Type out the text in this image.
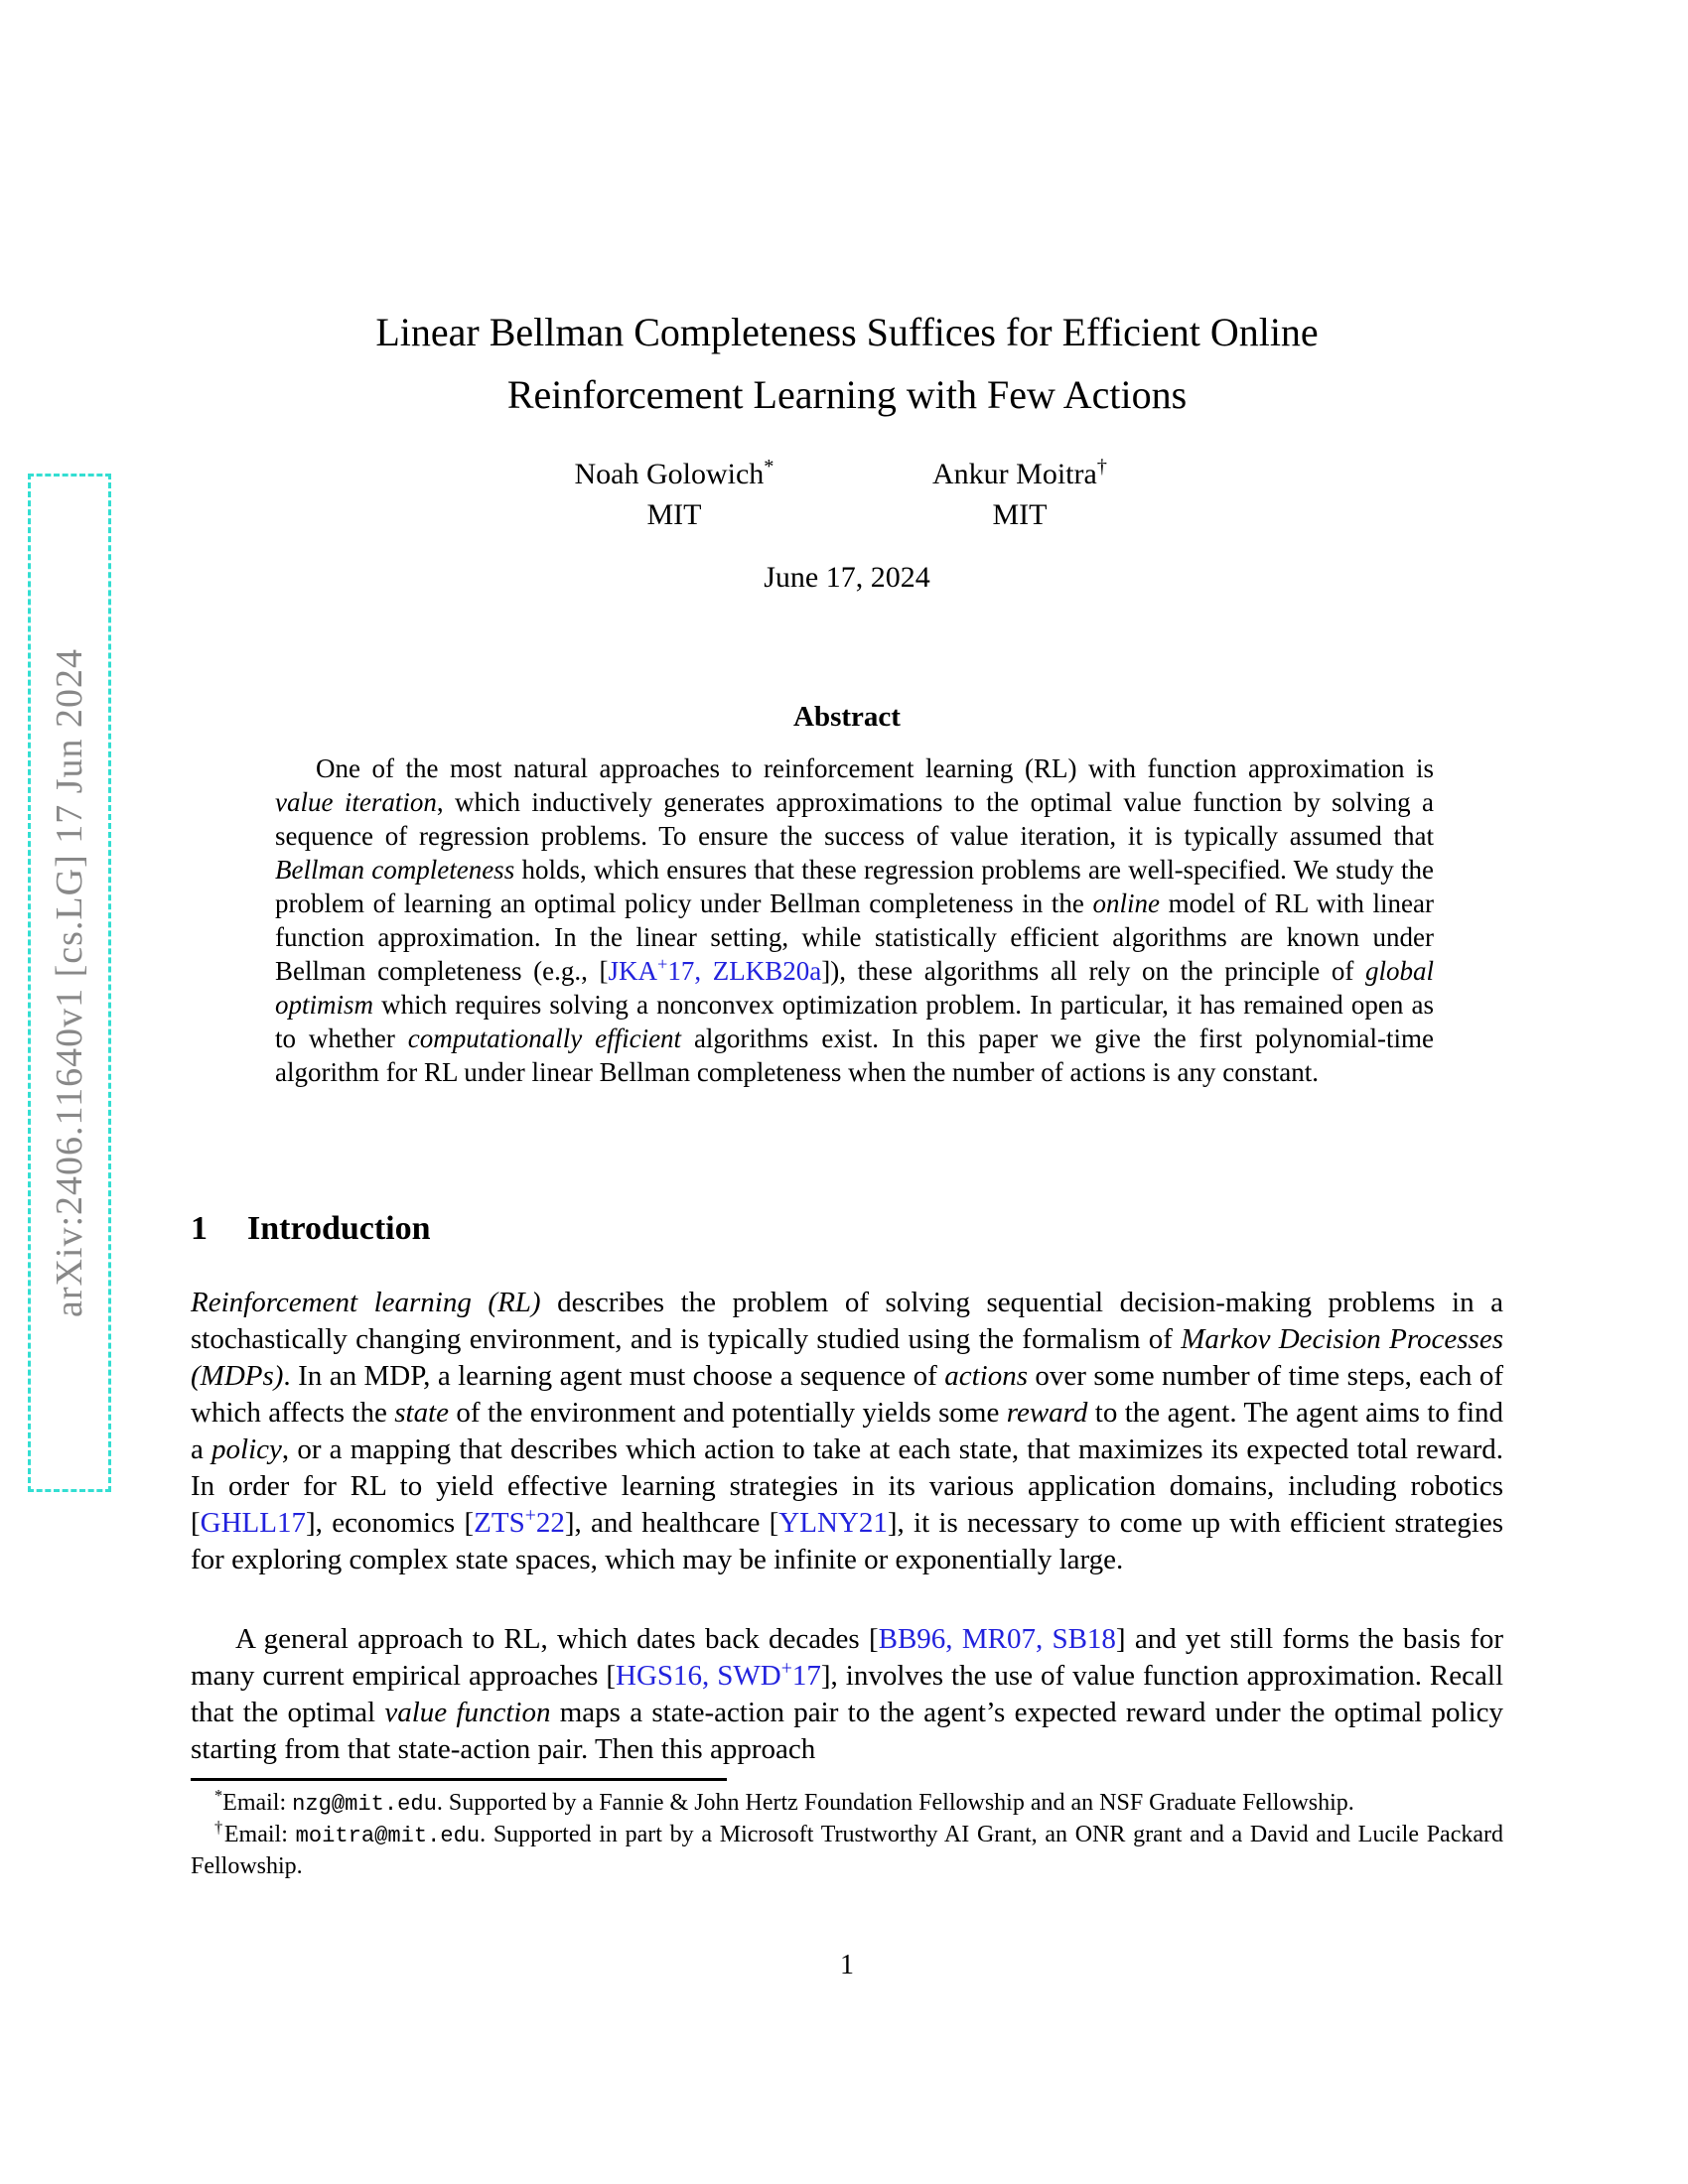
arXiv:2406.11640v1 [cs.LG] 17 Jun 2024
Linear Bellman Completeness Suffices for Efficient Online
Reinforcement Learning with Few Actions
Noah Golowich*
MIT
Ankur Moitra†
MIT
June 17, 2024
Abstract
One of the most natural approaches to reinforcement learning (RL) with function approximation is value iteration, which inductively generates approximations to the optimal value function by solving a sequence of regression problems. To ensure the success of value iteration, it is typically assumed that Bellman completeness holds, which ensures that these regression problems are well-specified. We study the problem of learning an optimal policy under Bellman completeness in the online model of RL with linear function approximation. In the linear setting, while statistically efficient algorithms are known under Bellman completeness (e.g., [JKA+17, ZLKB20a]), these algorithms all rely on the principle of global optimism which requires solving a nonconvex optimization problem. In particular, it has remained open as to whether computationally efficient algorithms exist. In this paper we give the first polynomial-time algorithm for RL under linear Bellman completeness when the number of actions is any constant.
1 Introduction
Reinforcement learning (RL) describes the problem of solving sequential decision-making problems in a stochastically changing environment, and is typically studied using the formalism of Markov Decision Processes (MDPs). In an MDP, a learning agent must choose a sequence of actions over some number of time steps, each of which affects the state of the environment and potentially yields some reward to the agent. The agent aims to find a policy, or a mapping that describes which action to take at each state, that maximizes its expected total reward. In order for RL to yield effective learning strategies in its various application domains, including robotics [GHLL17], economics [ZTS+22], and healthcare [YLNY21], it is necessary to come up with efficient strategies for exploring complex state spaces, which may be infinite or exponentially large.
A general approach to RL, which dates back decades [BB96, MR07, SB18] and yet still forms the basis for many current empirical approaches [HGS16, SWD+17], involves the use of value function approximation. Recall that the optimal value function maps a state-action pair to the agent’s expected reward under the optimal policy starting from that state-action pair. Then this approach
*Email: nzg@mit.edu. Supported by a Fannie & John Hertz Foundation Fellowship and an NSF Graduate Fellowship.
†Email: moitra@mit.edu. Supported in part by a Microsoft Trustworthy AI Grant, an ONR grant and a David and Lucile Packard Fellowship.
1
